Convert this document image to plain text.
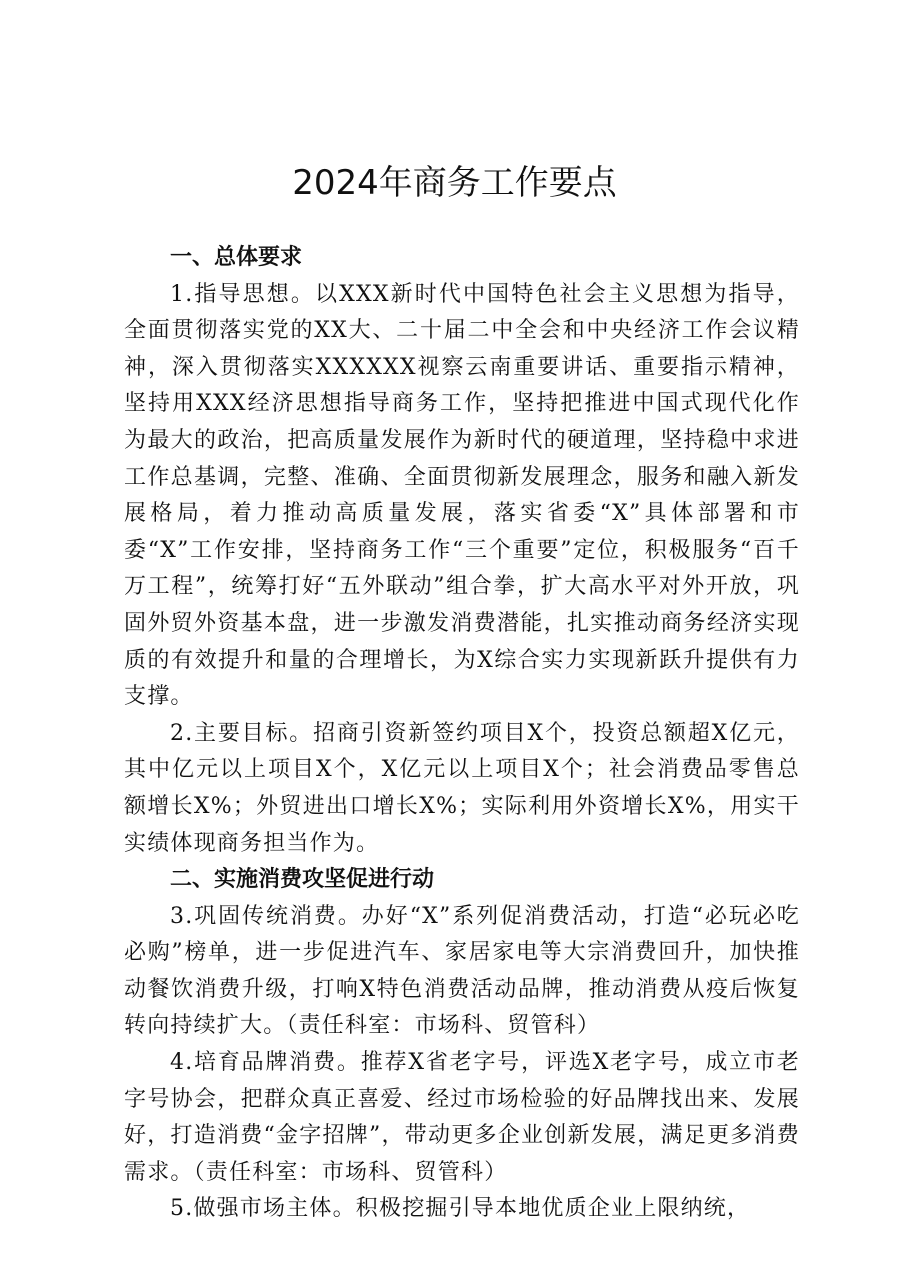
2024年商务工作要点

一、总体要求

1.指导思想。以XXX新时代中国特色社会主义思想为指导，全面贯彻落实党的XX大、二十届二中全会和中央经济工作会议精神，深入贯彻落实XXXXXX视察云南重要讲话、重要指示精神，坚持用XXX经济思想指导商务工作，坚持把推进中国式现代化作为最大的政治，把高质量发展作为新时代的硬道理，坚持稳中求进工作总基调，完整、准确、全面贯彻新发展理念，服务和融入新发展格局，着力推动高质量发展，落实省委“X”具体部署和市委“X”工作安排，坚持商务工作“三个重要”定位，积极服务“百千万工程”，统筹打好“五外联动”组合拳，扩大高水平对外开放，巩固外贸外资基本盘，进一步激发消费潜能，扎实推动商务经济实现质的有效提升和量的合理增长，为X综合实力实现新跃升提供有力支撑。

2.主要目标。招商引资新签约项目X个，投资总额超X亿元，其中亿元以上项目X个，X亿元以上项目X个；社会消费品零售总额增长X%；外贸进出口增长X%；实际利用外资增长X%，用实干实绩体现商务担当作为。

二、实施消费攻坚促进行动

3.巩固传统消费。办好“X”系列促消费活动，打造“必玩必吃必购”榜单，进一步促进汽车、家居家电等大宗消费回升，加快推动餐饮消费升级，打响X特色消费活动品牌，推动消费从疫后恢复转向持续扩大。（责任科室：市场科、贸管科）

4.培育品牌消费。推荐X省老字号，评选X老字号，成立市老字号协会，把群众真正喜爱、经过市场检验的好品牌找出来、发展好，打造消费“金字招牌”，带动更多企业创新发展，满足更多消费需求。（责任科室：市场科、贸管科）

5.做强市场主体。积极挖掘引导本地优质企业上限纳统，
